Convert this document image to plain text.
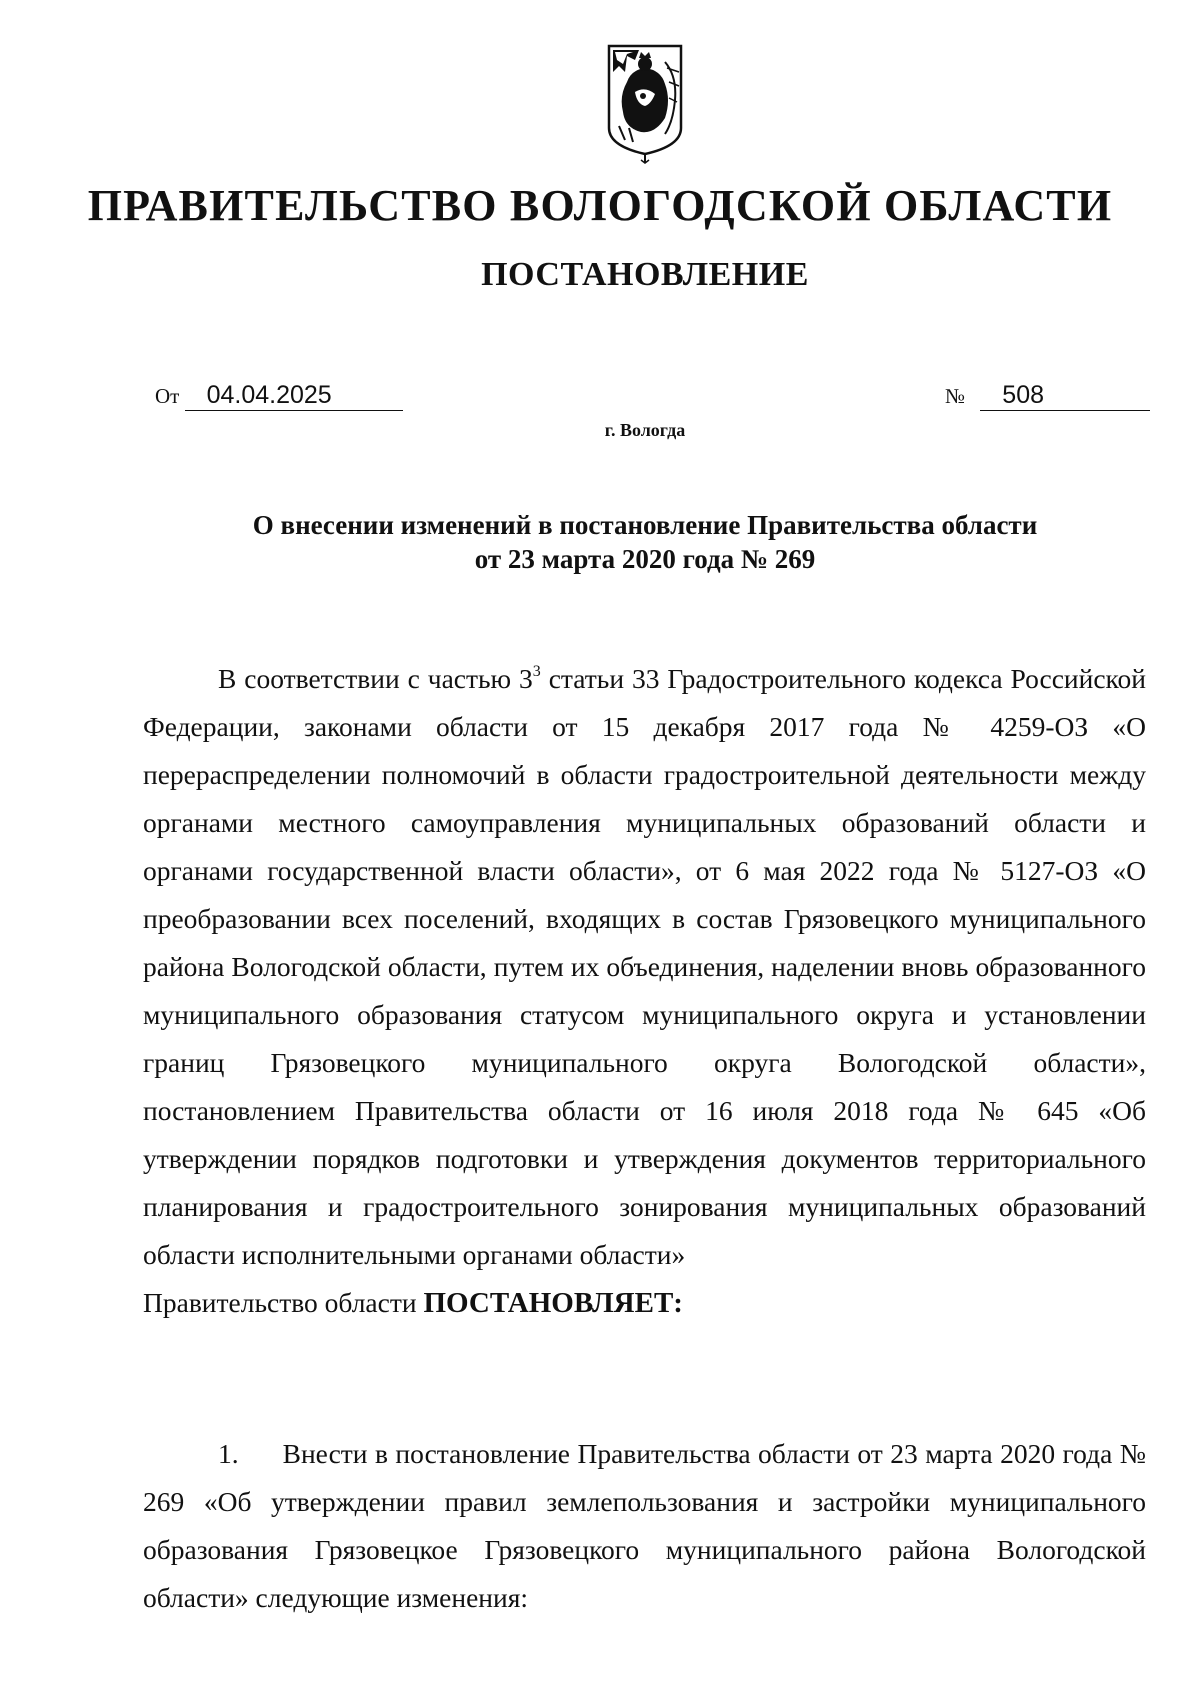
ПРАВИТЕЛЬСТВО ВОЛОГОДСКОЙ ОБЛАСТИ
ПОСТАНОВЛЕНИЕ
От 04.04.2025	№ 508

г. Вологда

О внесении изменений в постановление Правительства области
от 23 марта 2020 года № 269

В соответствии с частью $3^3$ статьи 33 Градостроительного кодекса Российской Федерации, законами области от 15 декабря 2017 года № 4259-ОЗ «О перераспределении полномочий в области градостроительной деятельности между органами местного самоуправления муниципальных образований области и органами государственной власти области», от 6 мая 2022 года № 5127-ОЗ «О преобразовании всех поселений, входящих в состав Грязовецкого муниципального района Вологодской области, путем их объединения, наделении вновь образованного муниципального образования статусом муниципального округа и установлении границ Грязовецкого муниципального округа Вологодской области», постановлением Правительства области от 16 июля 2018 года № 645 «Об утверждении порядков подготовки и утверждения документов территориального планирования и градостроительного зонирования муниципальных образований области исполнительными органами области»

Правительство области ПОСТАНОВЛЯЕТ:

1. Внести в постановление Правительства области от 23 марта 2020 года № 269 «Об утверждении правил землепользования и застройки муниципального образования Грязовецкое Грязовецкого муниципального района Вологодской области» следующие изменения:
